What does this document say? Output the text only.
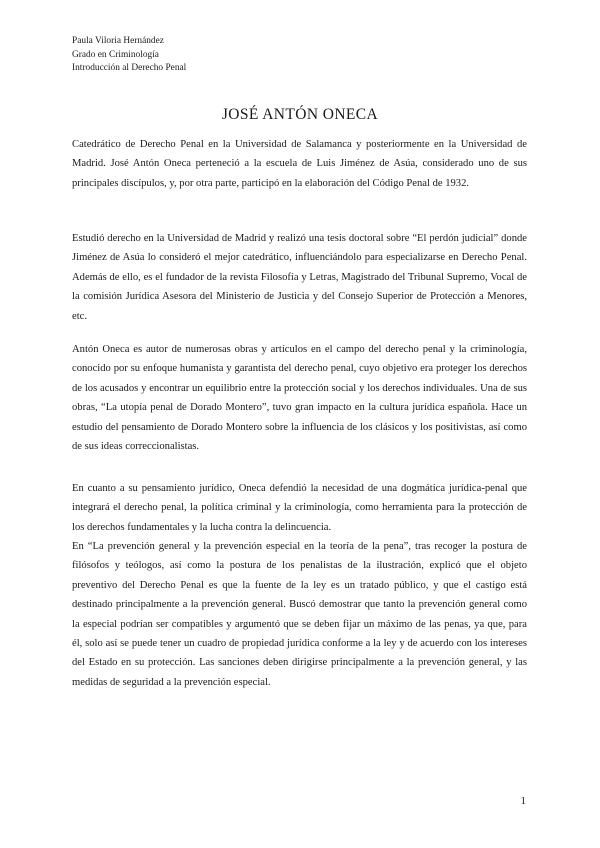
Paula Viloria Hernández
Grado en Criminología
Introducción al Derecho Penal
JOSÉ ANTÓN ONECA

Catedrático de Derecho Penal en la Universidad de Salamanca y posteriormente en la Universidad de Madrid. José Antón Oneca perteneció a la escuela de Luis Jiménez de Asúa, considerado uno de sus principales discípulos, y, por otra parte, participó en la elaboración del Código Penal de 1932.

Estudió derecho en la Universidad de Madrid y realizó una tesis doctoral sobre “El perdón judicial” donde Jiménez de Asúa lo consideró el mejor catedrático, influenciándolo para especializarse en Derecho Penal. Además de ello, es el fundador de la revista Filosofía y Letras, Magistrado del Tribunal Supremo, Vocal de la comisión Jurídica Asesora del Ministerio de Justicia y del Consejo Superior de Protección a Menores, etc.

Antón Oneca es autor de numerosas obras y artículos en el campo del derecho penal y la criminología, conocido por su enfoque humanista y garantista del derecho penal, cuyo objetivo era proteger los derechos de los acusados y encontrar un equilibrio entre la protección social y los derechos individuales. Una de sus obras, “La utopía penal de Dorado Montero”, tuvo gran impacto en la cultura jurídica española. Hace un estudio del pensamiento de Dorado Montero sobre la influencia de los clásicos y los positivistas, así como de sus ideas correccionalistas.

En cuanto a su pensamiento jurídico, Oneca defendió la necesidad de una dogmática jurídica-penal que integrará el derecho penal, la política criminal y la criminología, como herramienta para la protección de los derechos fundamentales y la lucha contra la delincuencia.

En “La prevención general y la prevención especial en la teoría de la pena”, tras recoger la postura de filósofos y teólogos, así como la postura de los penalistas de la ilustración, explicó que el objeto preventivo del Derecho Penal es que la fuente de la ley es un tratado público, y que el castigo está destinado principalmente a la prevención general. Buscó demostrar que tanto la prevención general como la especial podrían ser compatibles y argumentó que se deben fijar un máximo de las penas, ya que, para él, solo así se puede tener un cuadro de propiedad jurídica conforme a la ley y de acuerdo con los intereses del Estado en su protección. Las sanciones deben dirigirse principalmente a la prevención general, y las medidas de seguridad a la prevención especial.

1
